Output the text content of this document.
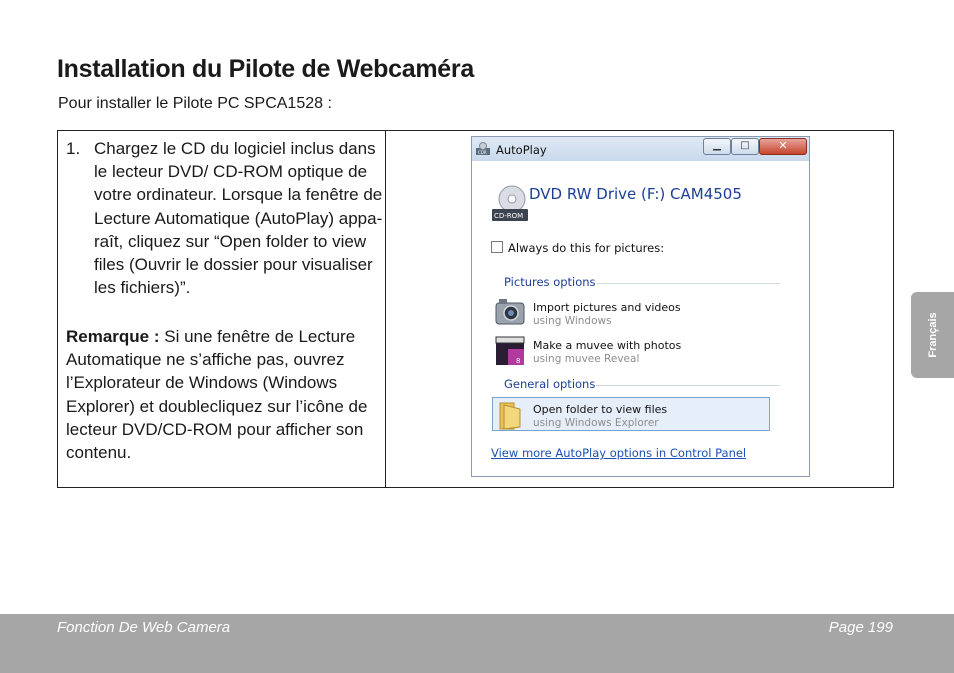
Installation du Pilote de Webcaméra
Pour installer le Pilote PC SPCA1528 :
1. Chargez le CD du logiciel inclus dans le lecteur DVD/ CD-ROM optique de votre ordinateur. Lorsque la fenêtre de Lecture Automatique (AutoPlay) appa-raît, cliquez sur “Open folder to view files (Ouvrir le dossier pour visualiser les fichiers)”.
Remarque : Si une fenêtre de Lecture Automatique ne s’affiche pas, ouvrez l’Explorateur de Windows (Windows Explorer) et doublecliquez sur l’icône de lecteur DVD/CD-ROM pour afficher son contenu.
CDR AutoPlay	▁	□	✕
CD-ROM
DVD RW Drive (F:) CAM4505
Always do this for pictures:
Pictures options
Import pictures and videos
using Windows
8
Make a muvee with photos
using muvee Reveal
General options
Open folder to view files
using Windows Explorer
View more AutoPlay options in Control Panel
Français
Fonction De Web Camera	Page 199
